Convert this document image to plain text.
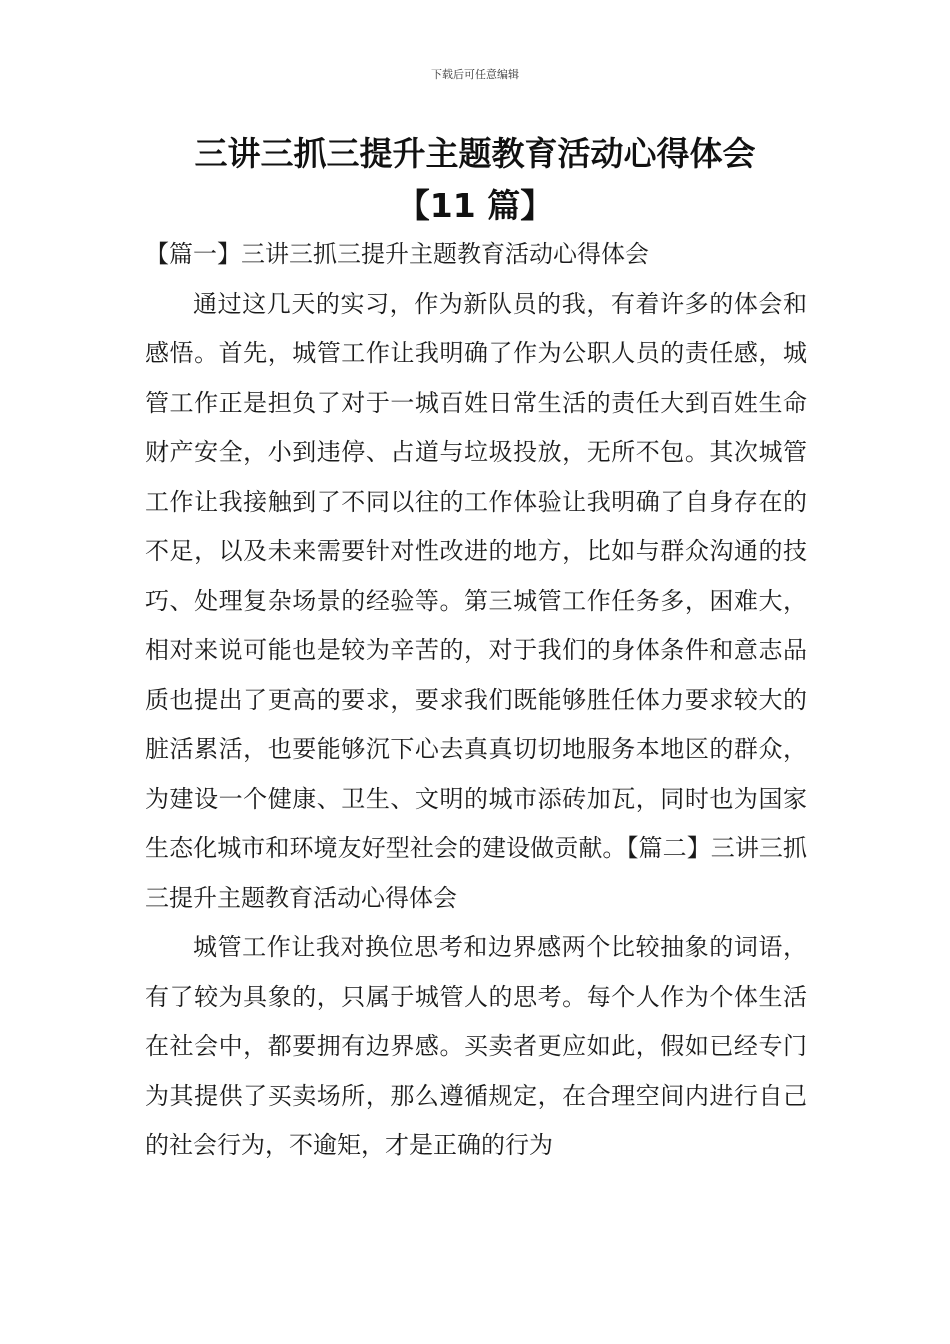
下载后可任意编辑
三讲三抓三提升主题教育活动心得体会
【11 篇】

【篇一】三讲三抓三提升主题教育活动心得体会

通过这几天的实习，作为新队员的我，有着许多的体会和感悟。首先，城管工作让我明确了作为公职人员的责任感，城管工作正是担负了对于一城百姓日常生活的责任大到百姓生命财产安全，小到违停、占道与垃圾投放，无所不包。其次城管工作让我接触到了不同以往的工作体验让我明确了自身存在的不足，以及未来需要针对性改进的地方，比如与群众沟通的技巧、处理复杂场景的经验等。第三城管工作任务多，困难大，相对来说可能也是较为辛苦的，对于我们的身体条件和意志品质也提出了更高的要求，要求我们既能够胜任体力要求较大的脏活累活，也要能够沉下心去真真切切地服务本地区的群众，为建设一个健康、卫生、文明的城市添砖加瓦，同时也为国家生态化城市和环境友好型社会的建设做贡献。【篇二】三讲三抓三提升主题教育活动心得体会

城管工作让我对换位思考和边界感两个比较抽象的词语，有了较为具象的，只属于城管人的思考。每个人作为个体生活在社会中，都要拥有边界感。买卖者更应如此，假如已经专门为其提供了买卖场所，那么遵循规定，在合理空间内进行自己的社会行为，不逾矩，才是正确的行为
